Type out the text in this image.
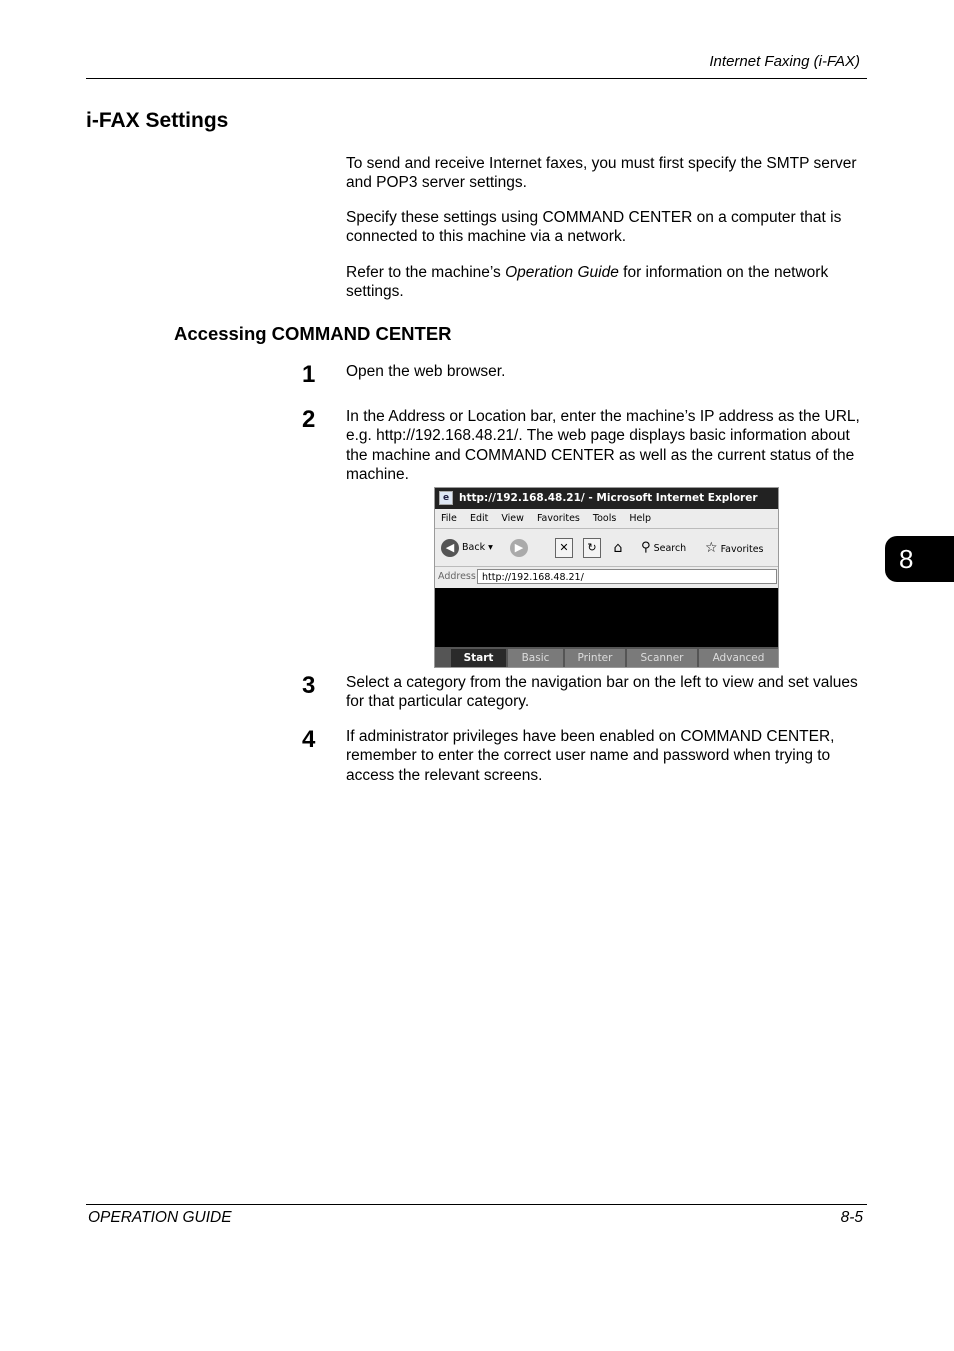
Internet Faxing (i-FAX)
8
i-FAX Settings
To send and receive Internet faxes, you must first specify the SMTP server and POP3 server settings.
Specify these settings using COMMAND CENTER on a computer that is connected to this machine via a network.
Refer to the machine’s Operation Guide for information on the network settings.
Accessing COMMAND CENTER
1 Open the web browser.
2 In the Address or Location bar, enter the machine’s IP address as the URL, e.g. http://192.168.48.21/. The web page displays basic information about the machine and COMMAND CENTER as well as the current status of the machine.
e http://192.168.48.21/ - Microsoft Internet Explorer
File Edit View Favorites Tools Help
◀ Back ▾	▶	✕	↻	⌂ ⚲ Search ☆ Favorites
Address http://192.168.48.21/
Start	Basic	Printer	Scanner	Advanced
3 Select a category from the navigation bar on the left to view and set values for that particular category.
4 If administrator privileges have been enabled on COMMAND CENTER, remember to enter the correct user name and password when trying to access the relevant screens.
OPERATION GUIDE	8-5
